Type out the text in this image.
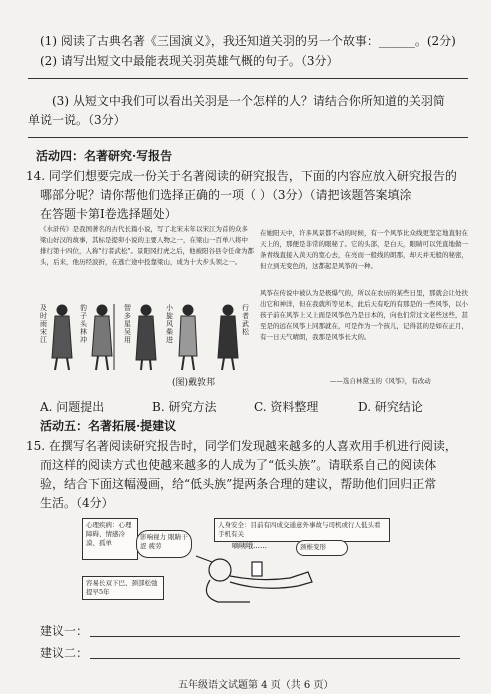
(1) 阅读了古典名著《三国演义》，我还知道关羽的另一个故事：______。(2分)
(2) 请写出短文中最能表现关羽英雄气概的句子。（3分）
(3) 从短文中我们可以看出关羽是一个怎样的人？请结合你所知道的关羽简
单说一说。（3分）
活动四：名著研究·写报告
14. 同学们想要完成一份关于名著阅读的研究报告，下面的内容应放入研究报告的
哪部分呢？请你帮他们选择正确的一项（ ）（3分）（请把该题答案填涂
在答题卡第Ⅰ卷选择题处）
《水浒传》是我国著名的古代长篇小说，写了北宋末年以宋江为首的众多梁山好汉的故事，其标是提卯小说的主要人物之一，在梁山一百单八将中排行第十四位，人称"行者武松"。景阳冈打虎之后，他被阳谷县令任命为都头，后来，他历经波折，在逃亡途中投靠梁山，成为十大步头领之一。
及时雨宋江
豹子头林冲
智多星吴用
小旋风柴进
行者武松
(图)戴敦邦
在她阳天中，许多风景都不动的时候，有一个风筝比众线更坚定地直射在天上的，那便是非常的眼秘了。它的头部，是白天，眼睛可以凭直地做一条青线直接入黄天的宽心去，在亮而一般线的朗那，却天并无般的秘密，但立到无变色的，这都起是风筝的一种。
风筝在传说中被认为是极爆气的，所以在农历的某些日里，那就会让处扶出它和神洋，但在我就所等见本，此后天有吃的有那是的一些风筝，以小孩子前在风筝上又上面是风筝色乃是日本的，向也们常过文老些这些，甚至是的远在风筝上同那就在，可是作为一个孩儿，记得甚的是如在正月，有一日天气晴朗，我那是风筝长大的。
——选自林黛玉的《风筝》，有改动
A. 问题提出	B. 研究方法	C. 资料整理	D. 研究结论
活动五：名著拓展·提建议
15. 在撰写名著阅读研究报告时，同学们发现越来越多的人喜欢用手机进行阅读，
而这样的阅读方式也使越来越多的人成为了“低头族”。请联系自己的阅读体
验，结合下面这幅漫画，给“低头族”提两条合理的建议，帮助他们回归正常
生活。（4分）
心理疾病：心理障碍、情感冷漠、孤单
影响视力 眼睛干涩 疲劳
人身安全：目前有四成交通意外事故与司机或行人低头看手机有关
嘀咦哦……	颈椎变形
容易长双下巴、颈部松弛提早5年
建议一：
建议二：
五年级语文试题第 4 页（共 6 页）
